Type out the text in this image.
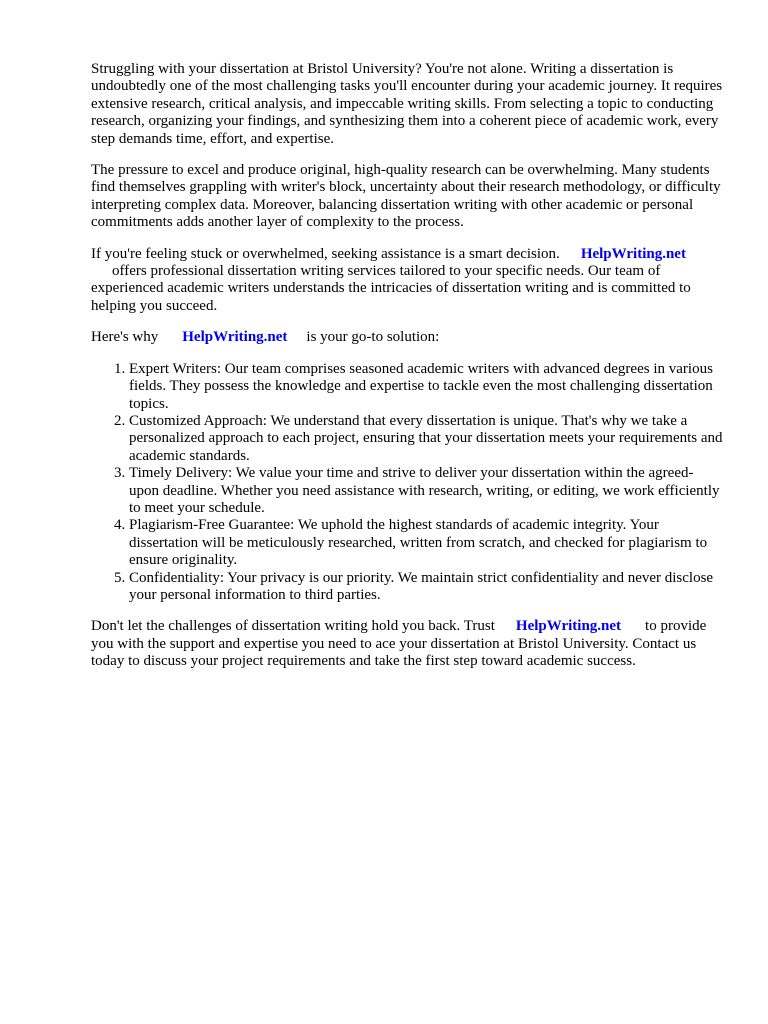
Struggling with your dissertation at Bristol University? You're not alone. Writing a dissertation is undoubtedly one of the most challenging tasks you'll encounter during your academic journey. It requires extensive research, critical analysis, and impeccable writing skills. From selecting a topic to conducting research, organizing your findings, and synthesizing them into a coherent piece of academic work, every step demands time, effort, and expertise.

The pressure to excel and produce original, high-quality research can be overwhelming. Many students find themselves grappling with writer's block, uncertainty about their research methodology, or difficulty interpreting complex data. Moreover, balancing dissertation writing with other academic or personal commitments adds another layer of complexity to the process.

If you're feeling stuck or overwhelmed, seeking assistance is a smart decision. HelpWriting.net
offers professional dissertation writing services tailored to your specific needs. Our team of experienced academic writers understands the intricacies of dissertation writing and is committed to helping you succeed.

Here's why HelpWriting.net is your go-to solution:

1. Expert Writers: Our team comprises seasoned academic writers with advanced degrees in various fields. They possess the knowledge and expertise to tackle even the most challenging dissertation topics.
2. Customized Approach: We understand that every dissertation is unique. That's why we take a personalized approach to each project, ensuring that your dissertation meets your requirements and academic standards.
3. Timely Delivery: We value your time and strive to deliver your dissertation within the agreed-upon deadline. Whether you need assistance with research, writing, or editing, we work efficiently to meet your schedule.
4. Plagiarism-Free Guarantee: We uphold the highest standards of academic integrity. Your dissertation will be meticulously researched, written from scratch, and checked for plagiarism to ensure originality.
5. Confidentiality: Your privacy is our priority. We maintain strict confidentiality and never disclose your personal information to third parties.

Don't let the challenges of dissertation writing hold you back. Trust HelpWriting.net to provide you with the support and expertise you need to ace your dissertation at Bristol University. Contact us today to discuss your project requirements and take the first step toward academic success.
